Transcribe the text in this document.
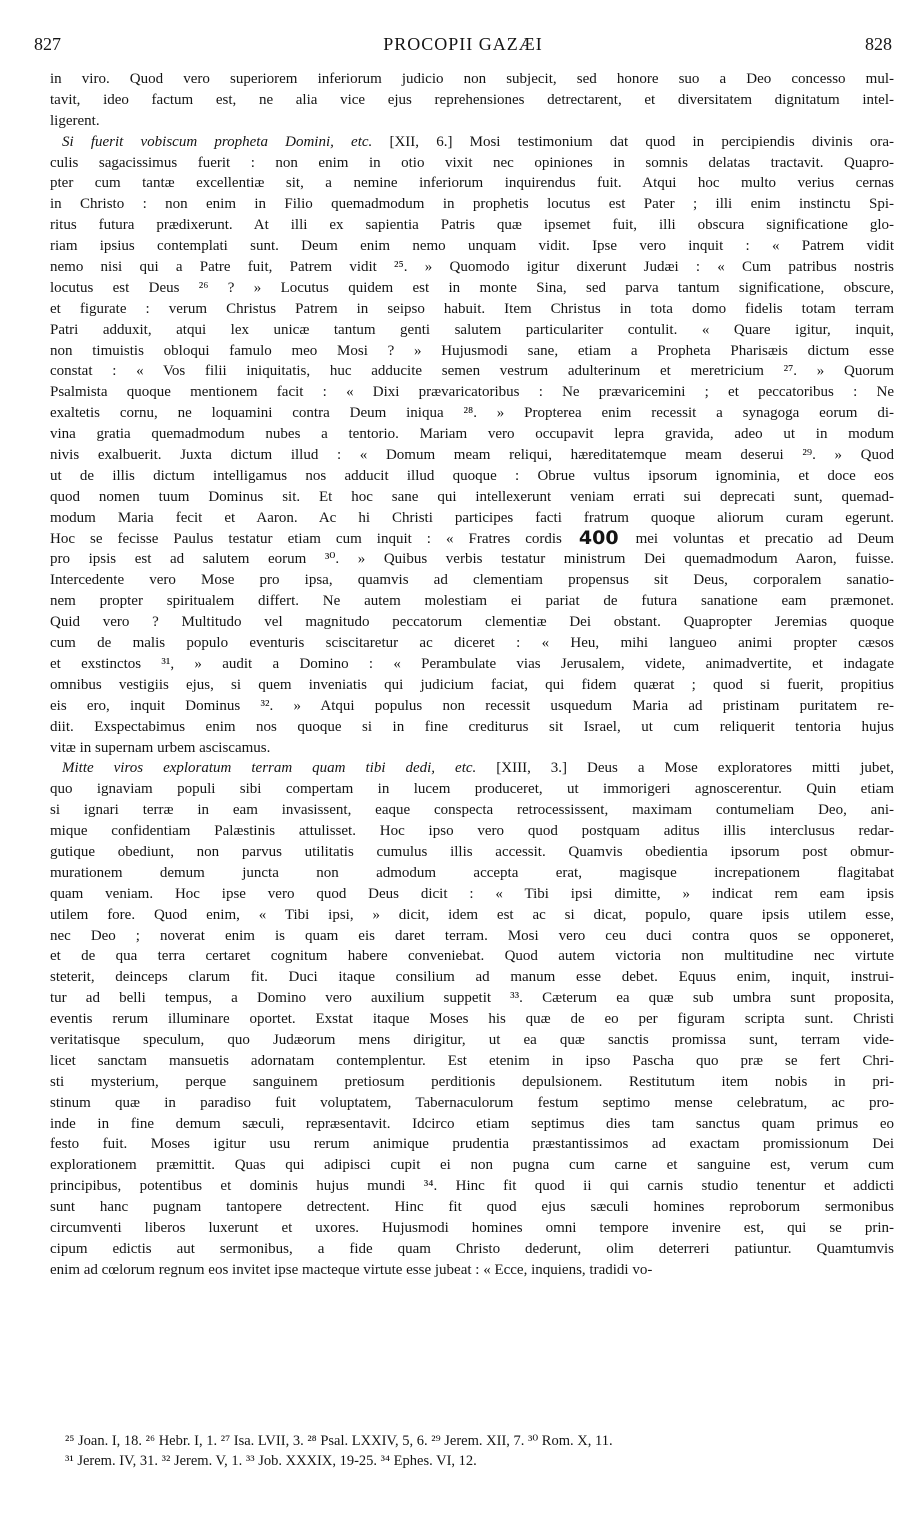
827	PROCOPII GAZÆI	828
in viro. Quod vero superiorem inferiorum judicio non subjecit, sed honore suo a Deo concesso mul-
tavit, ideo factum est, ne alia vice ejus reprehensiones detrectarent, et diversitatem dignitatum intel-
ligerent.
Si fuerit vobiscum propheta Domini, etc. [XII, 6.] Mosi testimonium dat quod in percipiendis divinis ora-
culis sagacissimus fuerit : non enim in otio vixit nec opiniones in somnis delatas tractavit. Quapro-
pter cum tantæ excellentiæ sit, a nemine inferiorum inquirendus fuit. Atqui hoc multo verius cernas
in Christo : non enim in Filio quemadmodum in prophetis locutus est Pater ; illi enim instinctu Spi-
ritus futura prædixerunt. At illi ex sapientia Patris quæ ipsemet fuit, illi obscura significatione glo-
riam ipsius contemplati sunt. Deum enim nemo unquam vidit. Ipse vero inquit : « Patrem vidit
nemo nisi qui a Patre fuit, Patrem vidit ²⁵. » Quomodo igitur dixerunt Judæi : « Cum patribus nostris
locutus est Deus ²⁶ ? » Locutus quidem est in monte Sina, sed parva tantum significatione, obscure,
et figurate : verum Christus Patrem in seipso habuit. Item Christus in tota domo fidelis totam terram
Patri adduxit, atqui lex unicæ tantum genti salutem particulariter contulit. « Quare igitur, inquit,
non timuistis obloqui famulo meo Mosi ? » Hujusmodi sane, etiam a Propheta Pharisæis dictum esse
constat : « Vos filii iniquitatis, huc adducite semen vestrum adulterinum et meretricium ²⁷. » Quorum
Psalmista quoque mentionem facit : « Dixi prævaricatoribus : Ne prævaricemini ; et peccatoribus : Ne
exaltetis cornu, ne loquamini contra Deum iniqua ²⁸. » Propterea enim recessit a synagoga eorum di-
vina gratia quemadmodum nubes a tentorio. Mariam vero occupavit lepra gravida, adeo ut in modum
nivis exalbuerit. Juxta dictum illud : « Domum meam reliqui, hæreditatemque meam deserui ²⁹. » Quod
ut de illis dictum intelligamus nos adducit illud quoque : Obrue vultus ipsorum ignominia, et doce eos
quod nomen tuum Dominus sit. Et hoc sane qui intellexerunt veniam errati sui deprecati sunt, quemad-
modum Maria fecit et Aaron. Ac hi Christi participes facti fratrum quoque aliorum curam egerunt.
Hoc se fecisse Paulus testatur etiam cum inquit : « Fratres cordis 400 mei voluntas et precatio ad Deum
pro ipsis est ad salutem eorum ³⁰. » Quibus verbis testatur ministrum Dei quemadmodum Aaron, fuisse.
Intercedente vero Mose pro ipsa, quamvis ad clementiam propensus sit Deus, corporalem sanatio-
nem propter spiritualem differt. Ne autem molestiam ei pariat de futura sanatione eam præmonet.
Quid vero ? Multitudo vel magnitudo peccatorum clementiæ Dei obstant. Quapropter Jeremias quoque
cum de malis populo eventuris sciscitaretur ac diceret : « Heu, mihi langueo animi propter cæsos
et exstinctos ³¹, » audit a Domino : « Perambulate vias Jerusalem, videte, animadvertite, et indagate
omnibus vestigiis ejus, si quem inveniatis qui judicium faciat, qui fidem quærat ; quod si fuerit, propitius
eis ero, inquit Dominus ³². » Atqui populus non recessit usquedum Maria ad pristinam puritatem re-
diit. Exspectabimus enim nos quoque si in fine crediturus sit Israel, ut cum reliquerit tentoria hujus
vitæ in supernam urbem asciscamus.
Mitte viros exploratum terram quam tibi dedi, etc. [XIII, 3.] Deus a Mose exploratores mitti jubet,
quo ignaviam populi sibi compertam in lucem produceret, ut immorigeri agnoscerentur. Quin etiam
si ignari terræ in eam invasissent, eaque conspecta retrocessissent, maximam contumeliam Deo, ani-
mique confidentiam Palæstinis attulisset. Hoc ipso vero quod postquam aditus illis interclusus redar-
gutique obediunt, non parvus utilitatis cumulus illis accessit. Quamvis obedientia ipsorum post obmur-
murationem demum juncta non admodum accepta erat, magisque increpationem flagitabat
quam veniam. Hoc ipse vero quod Deus dicit : « Tibi ipsi dimitte, » indicat rem eam ipsis
utilem fore. Quod enim, « Tibi ipsi, » dicit, idem est ac si dicat, populo, quare ipsis utilem esse,
nec Deo ; noverat enim is quam eis daret terram. Mosi vero ceu duci contra quos se opponeret,
et de qua terra certaret cognitum habere conveniebat. Quod autem victoria non multitudine nec virtute
steterit, deinceps clarum fit. Duci itaque consilium ad manum esse debet. Equus enim, inquit, instrui-
tur ad belli tempus, a Domino vero auxilium suppetit ³³. Cæterum ea quæ sub umbra sunt proposita,
eventis rerum illuminare oportet. Exstat itaque Moses his quæ de eo per figuram scripta sunt. Christi
veritatisque speculum, quo Judæorum mens dirigitur, ut ea quæ sanctis promissa sunt, terram vide-
licet sanctam mansuetis adornatam contemplentur. Est etenim in ipso Pascha quo præ se fert Chri-
sti mysterium, perque sanguinem pretiosum perditionis depulsionem. Restitutum item nobis in pri-
stinum quæ in paradiso fuit voluptatem, Tabernaculorum festum septimo mense celebratum, ac pro-
inde in fine demum sæculi, repræsentavit. Idcirco etiam septimus dies tam sanctus quam primus eo
festo fuit. Moses igitur usu rerum animique prudentia præstantissimos ad exactam promissionum Dei
explorationem præmittit. Quas qui adipisci cupit ei non pugna cum carne et sanguine est, verum cum
principibus, potentibus et dominis hujus mundi ³⁴. Hinc fit quod ii qui carnis studio tenentur et addicti
sunt hanc pugnam tantopere detrectent. Hinc fit quod ejus sæculi homines reproborum sermonibus
circumventi liberos luxerunt et uxores. Hujusmodi homines omni tempore invenire est, qui se prin-
cipum edictis aut sermonibus, a fide quam Christo dederunt, olim deterreri patiuntur. Quamtumvis
enim ad cœlorum regnum eos invitet ipse macteque virtute esse jubeat : « Ecce, inquiens, tradidi vo-
²⁵ Joan. I, 18. ²⁶ Hebr. I, 1. ²⁷ Isa. LVII, 3. ²⁸ Psal. LXXIV, 5, 6. ²⁹ Jerem. XII, 7. ³⁰ Rom. X, 11.
³¹ Jerem. IV, 31. ³² Jerem. V, 1. ³³ Job. XXXIX, 19-25. ³⁴ Ephes. VI, 12.
